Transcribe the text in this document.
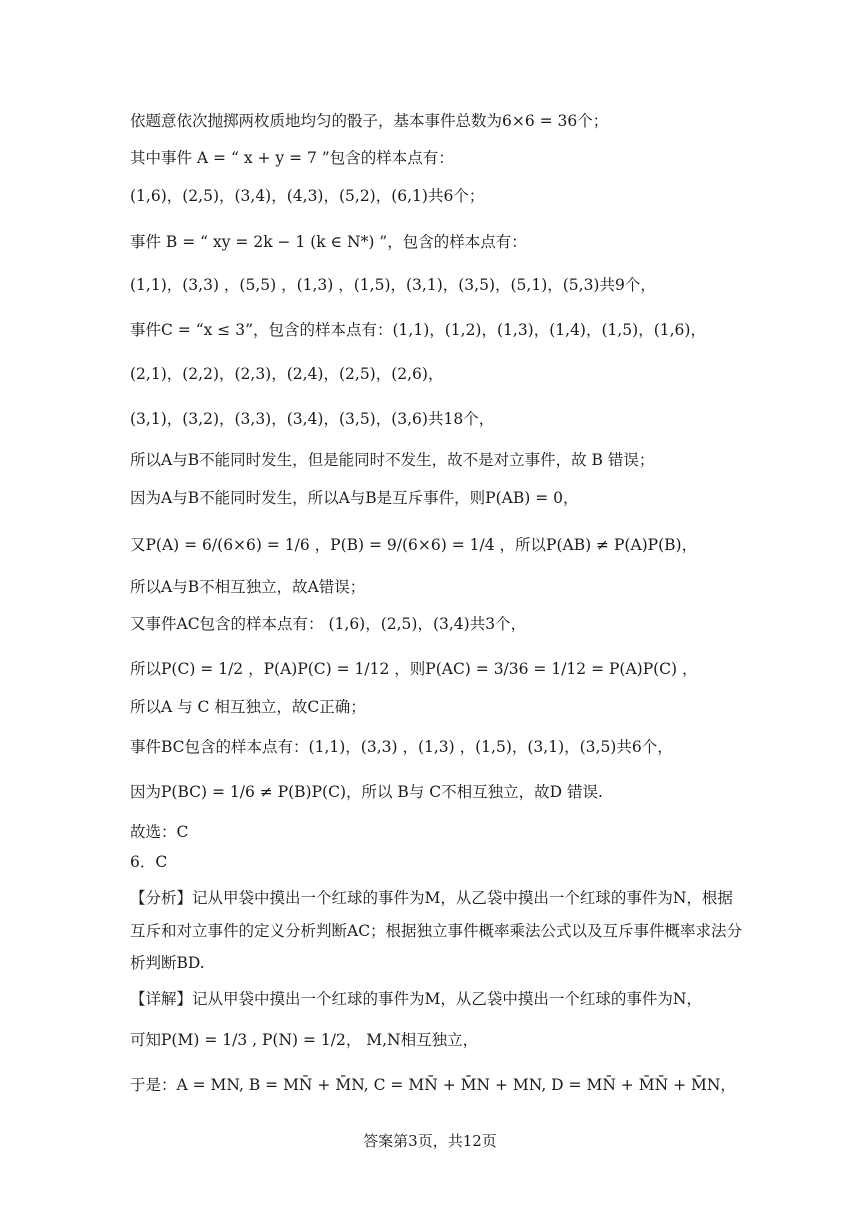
依题意依次抛掷两枚质地均匀的骰子，基本事件总数为6×6 = 36个；
其中事件 A = “ x + y = 7 ”包含的样本点有：
(1,6)，(2,5)，(3,4)，(4,3)，(5,2)，(6,1)共6个；
事件 B = “ xy = 2k − 1 (k ∈ N*) ”，包含的样本点有：
(1,1)，(3,3) ，(5,5) ，(1,3) ，(1,5)，(3,1)，(3,5)，(5,1)，(5,3)共9个，
事件C = “x ≤ 3”，包含的样本点有：(1,1)，(1,2)，(1,3)，(1,4)，(1,5)，(1,6)，
(2,1)，(2,2)，(2,3)，(2,4)，(2,5)，(2,6)，
(3,1)，(3,2)，(3,3)，(3,4)，(3,5)，(3,6)共18个，
所以A与B不能同时发生，但是能同时不发生，故不是对立事件，故 B 错误；
因为A与B不能同时发生，所以A与B是互斥事件，则P(AB) = 0，
又P(A) = 6/(6×6) = 1/6 ，P(B) = 9/(6×6) = 1/4 ，所以P(AB) ≠ P(A)P(B)，
所以A与B不相互独立，故A错误；
又事件AC包含的样本点有： (1,6)，(2,5)，(3,4)共3个，
所以P(C) = 1/2 ，P(A)P(C) = 1/12 ，则P(AC) = 3/36 = 1/12 = P(A)P(C) ，
所以A 与 C 相互独立，故C正确；
事件BC包含的样本点有：(1,1)，(3,3) ，(1,3) ，(1,5)，(3,1)，(3,5)共6个，
因为P(BC) = 1/6 ≠ P(B)P(C)，所以 B与 C不相互独立，故D 错误.
故选：C
6．C
【分析】记从甲袋中摸出一个红球的事件为M，从乙袋中摸出一个红球的事件为N，根据
互斥和对立事件的定义分析判断AC；根据独立事件概率乘法公式以及互斥事件概率求法分
析判断BD.
【详解】记从甲袋中摸出一个红球的事件为M，从乙袋中摸出一个红球的事件为N，
可知P(M) = 1/3 , P(N) = 1/2， M,N相互独立，
于是：A = MN, B = MN̄ + M̄N, C = MN̄ + M̄N + MN, D = MN̄ + M̄N̄ + M̄N，
答案第3页，共12页
